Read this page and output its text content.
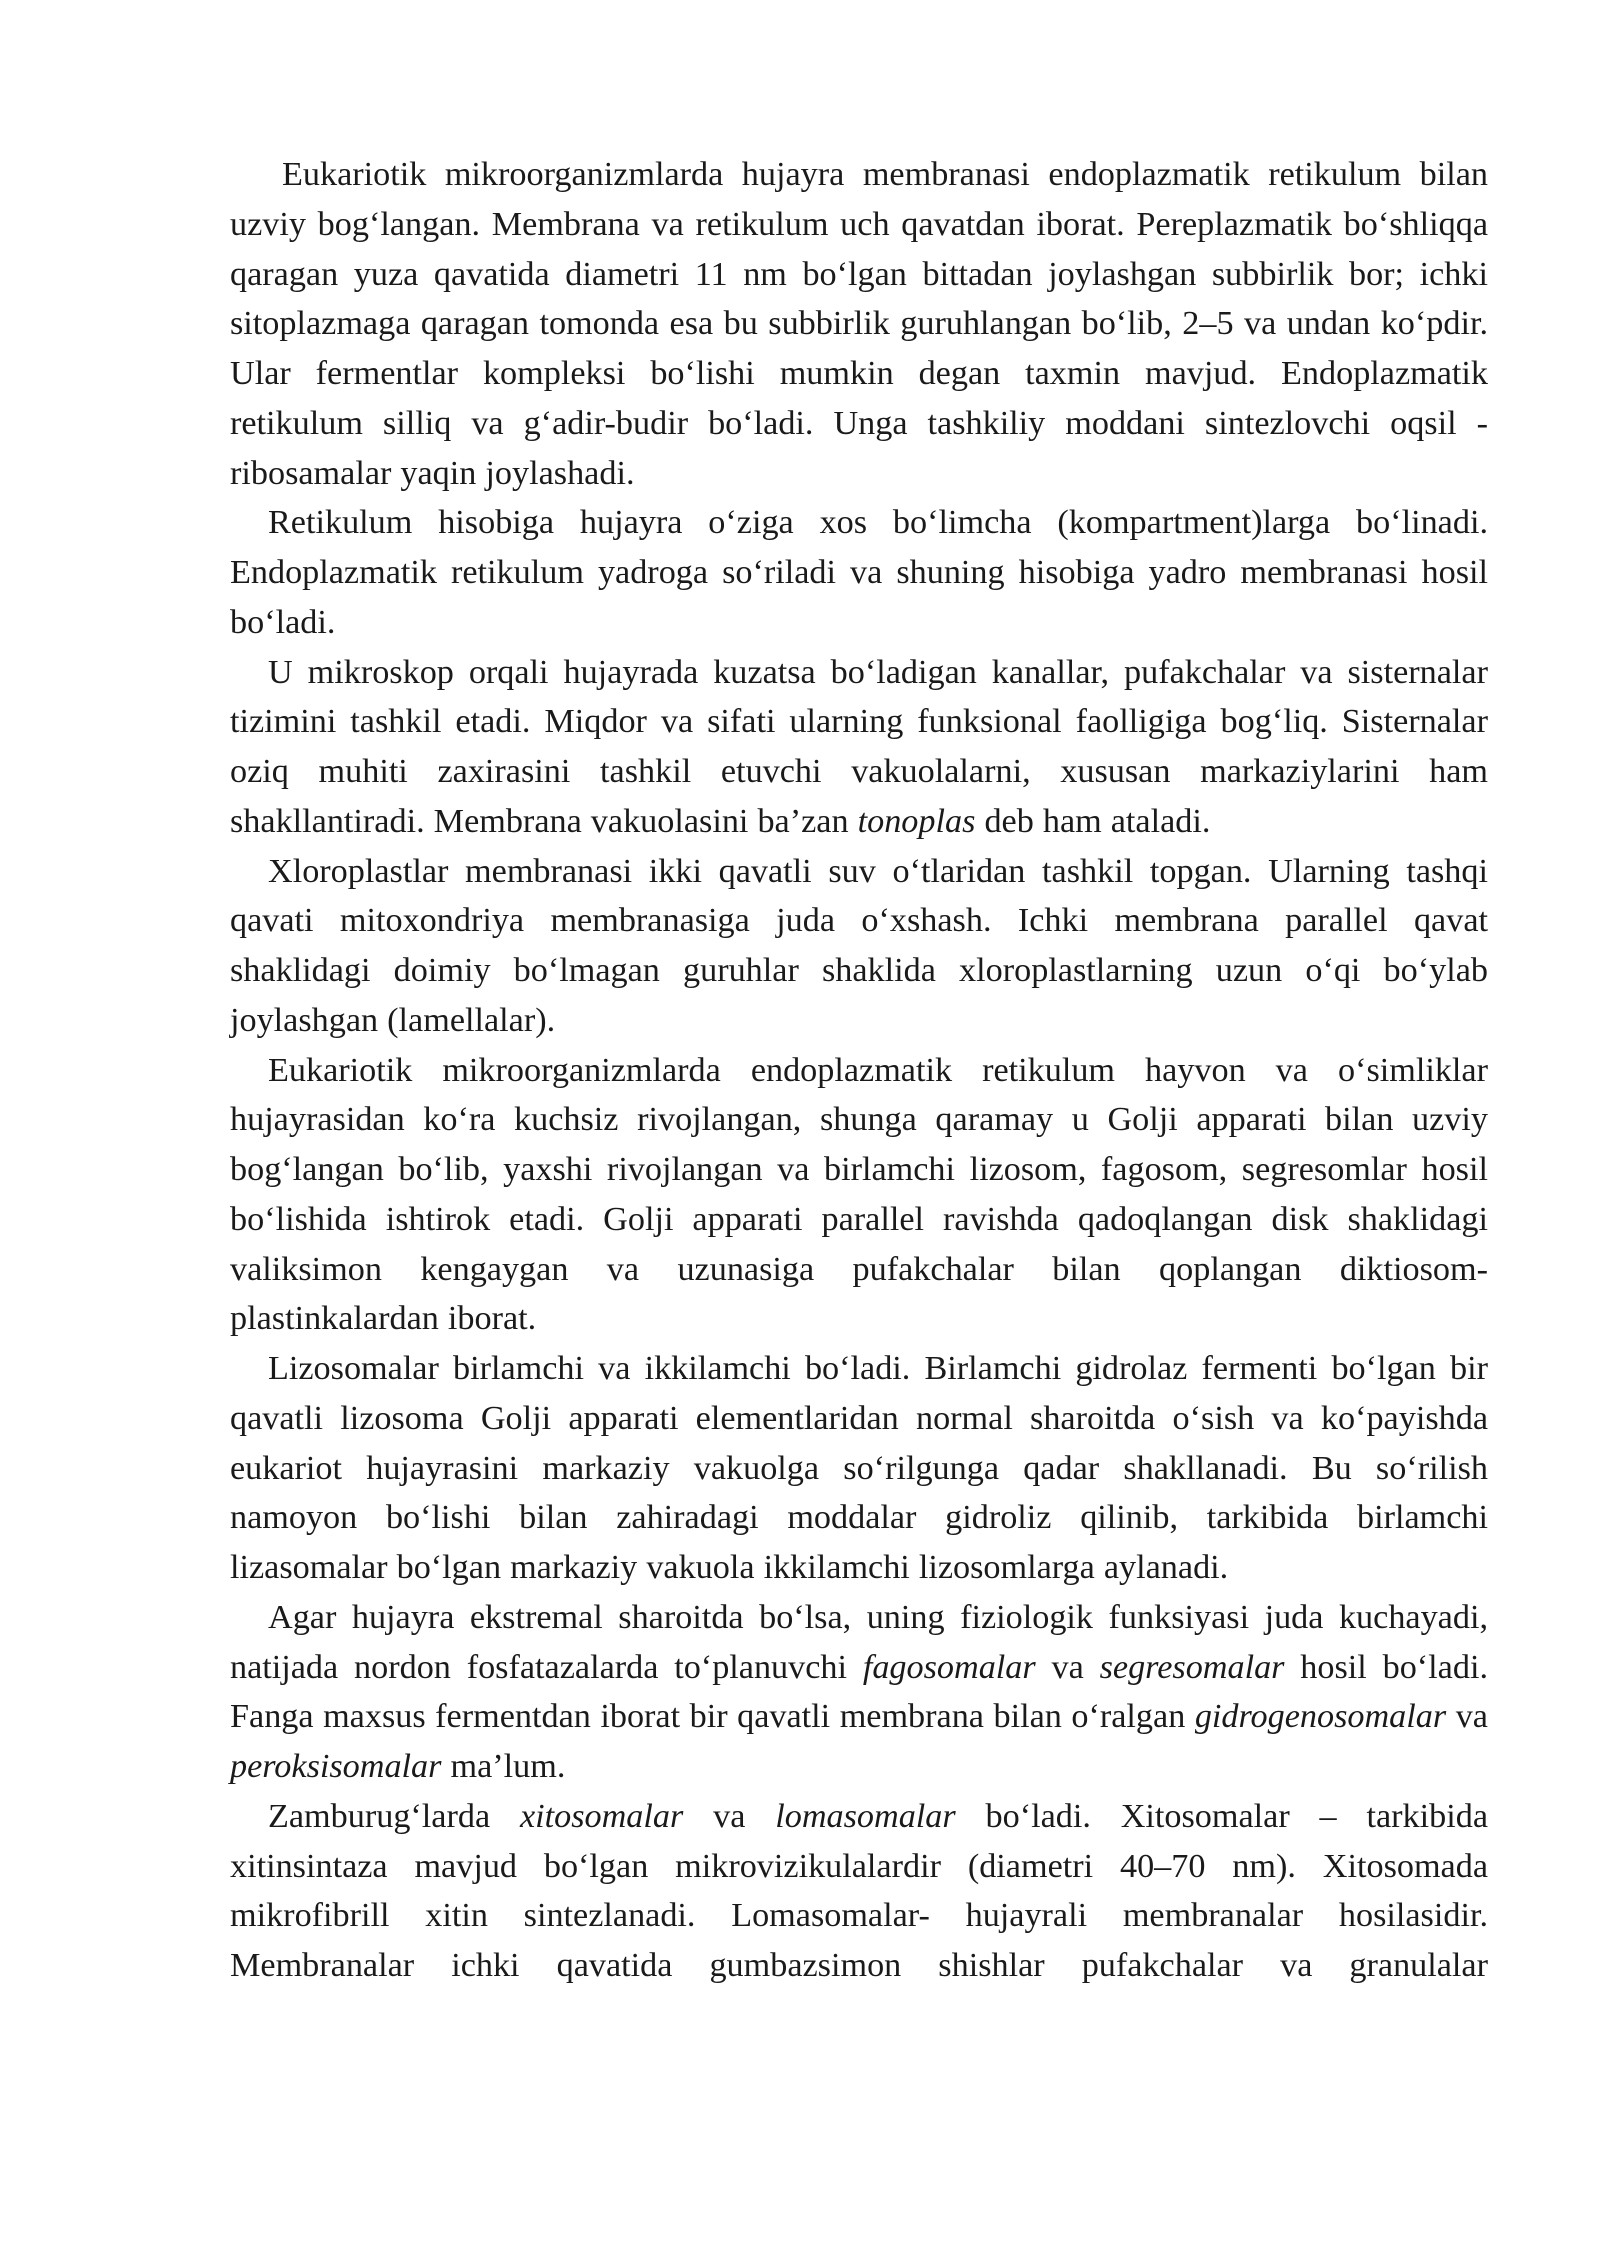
Eukariotik mikroorganizmlarda hujayra membranasi endoplazmatik retikulum bilan uzviy bog‘langan. Membrana va retikulum uch qavatdan iborat. Pereplazmatik bo‘shliqqa qaragan yuza qavatida diametri 11 nm bo‘lgan bittadan joylashgan subbirlik bor; ichki sitoplazmaga qaragan tomonda esa bu subbirlik guruhlangan bo‘lib, 2–5 va undan ko‘pdir. Ular fermentlar kompleksi bo‘lishi mumkin degan taxmin mavjud. Endoplazmatik retikulum silliq va g‘adir-budir bo‘ladi. Unga tashkiliy moddani sintezlovchi oqsil - ribosamalar yaqin joylashadi.

Retikulum hisobiga hujayra o‘ziga xos bo‘limcha (kompartment)larga bo‘linadi. Endoplazmatik retikulum yadroga so‘riladi va shuning hisobiga yadro membranasi hosil bo‘ladi.

U mikroskop orqali hujayrada kuzatsa bo‘ladigan kanallar, pufakchalar va sisternalar tizimini tashkil etadi. Miqdor va sifati ularning funksional faolligiga bog‘liq. Sisternalar oziq muhiti zaxirasini tashkil etuvchi vakuolalarni, xususan markaziylarini ham shakllantiradi. Membrana vakuolasini ba’zan tonoplas deb ham ataladi.

Xloroplastlar membranasi ikki qavatli suv o‘tlaridan tashkil topgan. Ularning tashqi qavati mitoxondriya membranasiga juda o‘xshash. Ichki membrana parallel qavat shaklidagi doimiy bo‘lmagan guruhlar shaklida xloroplastlarning uzun o‘qi bo‘ylab joylashgan (lamellalar).

Eukariotik mikroorganizmlarda endoplazmatik retikulum hayvon va o‘simliklar hujayrasidan ko‘ra kuchsiz rivojlangan, shunga qaramay u Golji apparati bilan uzviy bog‘langan bo‘lib, yaxshi rivojlangan va birlamchi lizosom, fagosom, segresomlar hosil bo‘lishida ishtirok etadi. Golji apparati parallel ravishda qadoqlangan disk shaklidagi valiksimon kengaygan va uzunasiga pufakchalar bilan qoplangan diktiosom-plastinkalardan iborat.

Lizosomalar birlamchi va ikkilamchi bo‘ladi. Birlamchi gidrolaz fermenti bo‘lgan bir qavatli lizosoma Golji apparati elementlaridan normal sharoitda o‘sish va ko‘payishda eukariot hujayrasini markaziy vakuolga so‘rilgunga qadar shakllanadi. Bu so‘rilish namoyon bo‘lishi bilan zahiradagi moddalar gidroliz qilinib, tarkibida birlamchi lizasomalar bo‘lgan markaziy vakuola ikkilamchi lizosomlarga aylanadi.

Agar hujayra ekstremal sharoitda bo‘lsa, uning fiziologik funksiyasi juda kuchayadi, natijada nordon fosfatazalarda to‘planuvchi fagosomalar va segresomalar hosil bo‘ladi. Fanga maxsus fermentdan iborat bir qavatli membrana bilan o‘ralgan gidrogenosomalar va peroksisomalar ma’lum.

Zamburug‘larda xitosomalar va lomasomalar bo‘ladi. Xitosomalar – tarkibida xitinsintaza mavjud bo‘lgan mikrovizikulalardir (diametri 40–70 nm). Xitosomada mikrofibrill xitin sintezlanadi. Lomasomalar- hujayrali membranalar hosilasidir. Membranalar ichki qavatida gumbazsimon shishlar pufakchalar va granulalar
